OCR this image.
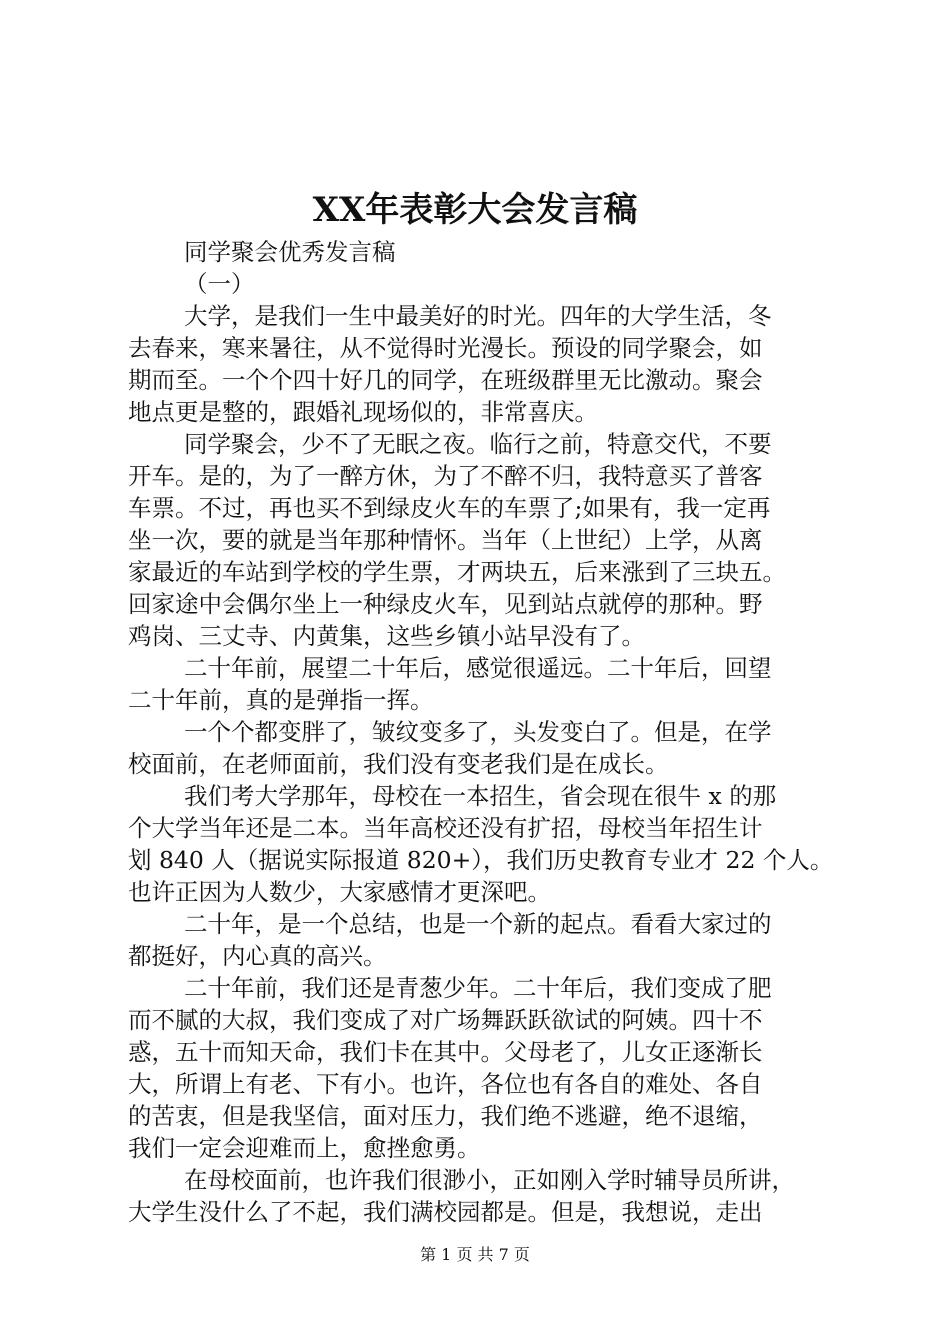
XX年表彰大会发言稿
同学聚会优秀发言稿
（一）
大学，是我们一生中最美好的时光。四年的大学生活，冬
去春来，寒来暑往，从不觉得时光漫长。预设的同学聚会，如
期而至。一个个四十好几的同学，在班级群里无比激动。聚会
地点更是整的，跟婚礼现场似的，非常喜庆。
同学聚会，少不了无眠之夜。临行之前，特意交代，不要
开车。是的，为了一醉方休，为了不醉不归，我特意买了普客
车票。不过，再也买不到绿皮火车的车票了;如果有，我一定再
坐一次，要的就是当年那种情怀。当年（上世纪）上学，从离
家最近的车站到学校的学生票，才两块五，后来涨到了三块五。
回家途中会偶尔坐上一种绿皮火车，见到站点就停的那种。野
鸡岗、三丈寺、内黄集，这些乡镇小站早没有了。
二十年前，展望二十年后，感觉很遥远。二十年后，回望
二十年前，真的是弹指一挥。
一个个都变胖了，皱纹变多了，头发变白了。但是，在学
校面前，在老师面前，我们没有变老我们是在成长。
我们考大学那年，母校在一本招生，省会现在很牛 x 的那
个大学当年还是二本。当年高校还没有扩招，母校当年招生计
划 840 人（据说实际报道 820+），我们历史教育专业才 22 个人。
也许正因为人数少，大家感情才更深吧。
二十年，是一个总结，也是一个新的起点。看看大家过的
都挺好，内心真的高兴。
二十年前，我们还是青葱少年。二十年后，我们变成了肥
而不腻的大叔，我们变成了对广场舞跃跃欲试的阿姨。四十不
惑，五十而知天命，我们卡在其中。父母老了，儿女正逐渐长
大，所谓上有老、下有小。也许，各位也有各自的难处、各自
的苦衷，但是我坚信，面对压力，我们绝不逃避，绝不退缩，
我们一定会迎难而上，愈挫愈勇。
在母校面前，也许我们很渺小，正如刚入学时辅导员所讲，
大学生没什么了不起，我们满校园都是。但是，我想说，走出
第 1 页 共 7 页
